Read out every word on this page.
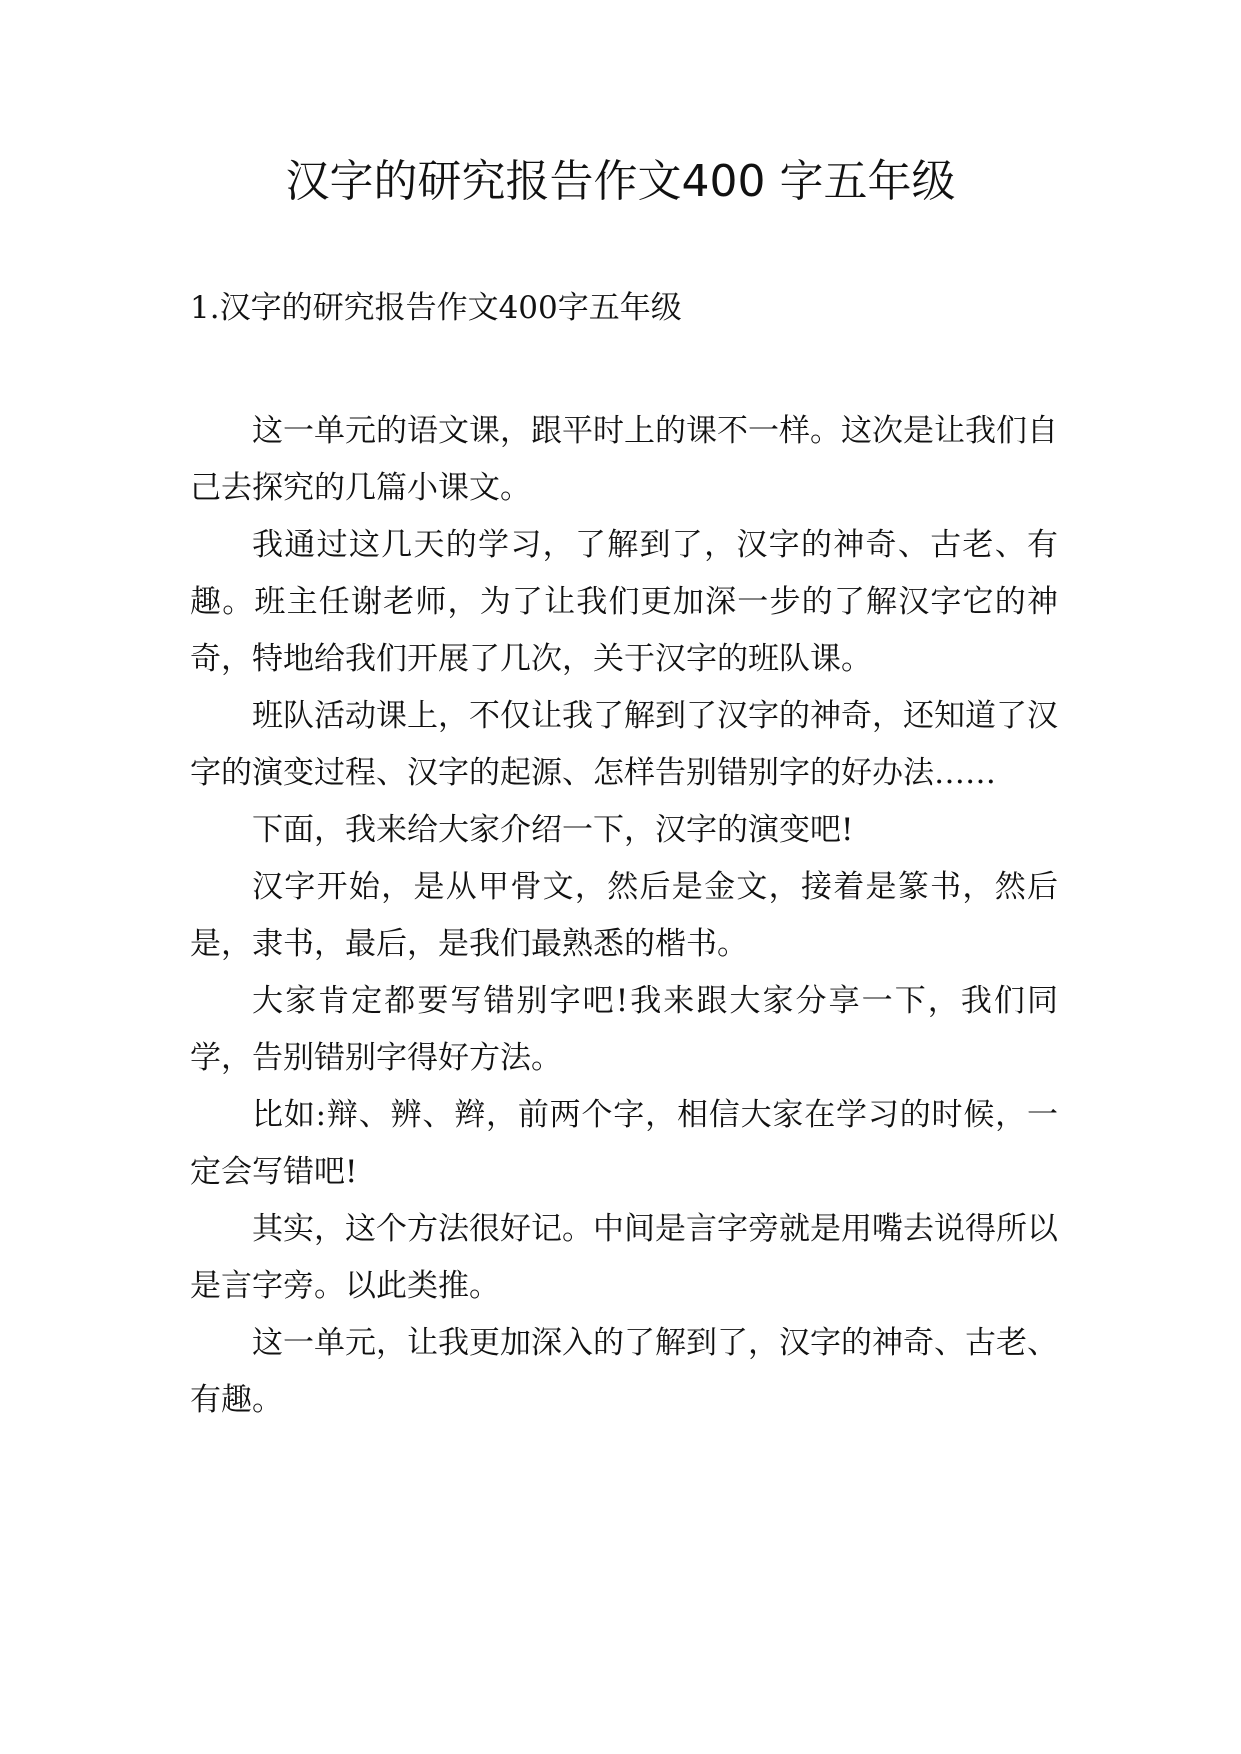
汉字的研究报告作文400 字五年级
1.汉字的研究报告作文400字五年级

这一单元的语文课，跟平时上的课不一样。这次是让我们自己去探究的几篇小课文。

我通过这几天的学习，了解到了，汉字的神奇、古老、有趣。班主任谢老师，为了让我们更加深一步的了解汉字它的神奇，特地给我们开展了几次，关于汉字的班队课。

班队活动课上，不仅让我了解到了汉字的神奇，还知道了汉字的演变过程、汉字的起源、怎样告别错别字的好办法……

下面，我来给大家介绍一下，汉字的演变吧!

汉字开始，是从甲骨文，然后是金文，接着是篆书，然后是，隶书，最后，是我们最熟悉的楷书。

大家肯定都要写错别字吧!我来跟大家分享一下，我们同学，告别错别字得好方法。

比如:辩、辨、辫，前两个字，相信大家在学习的时候，一定会写错吧!

其实，这个方法很好记。中间是言字旁就是用嘴去说得所以是言字旁。以此类推。

这一单元，让我更加深入的了解到了，汉字的神奇、古老、有趣。
